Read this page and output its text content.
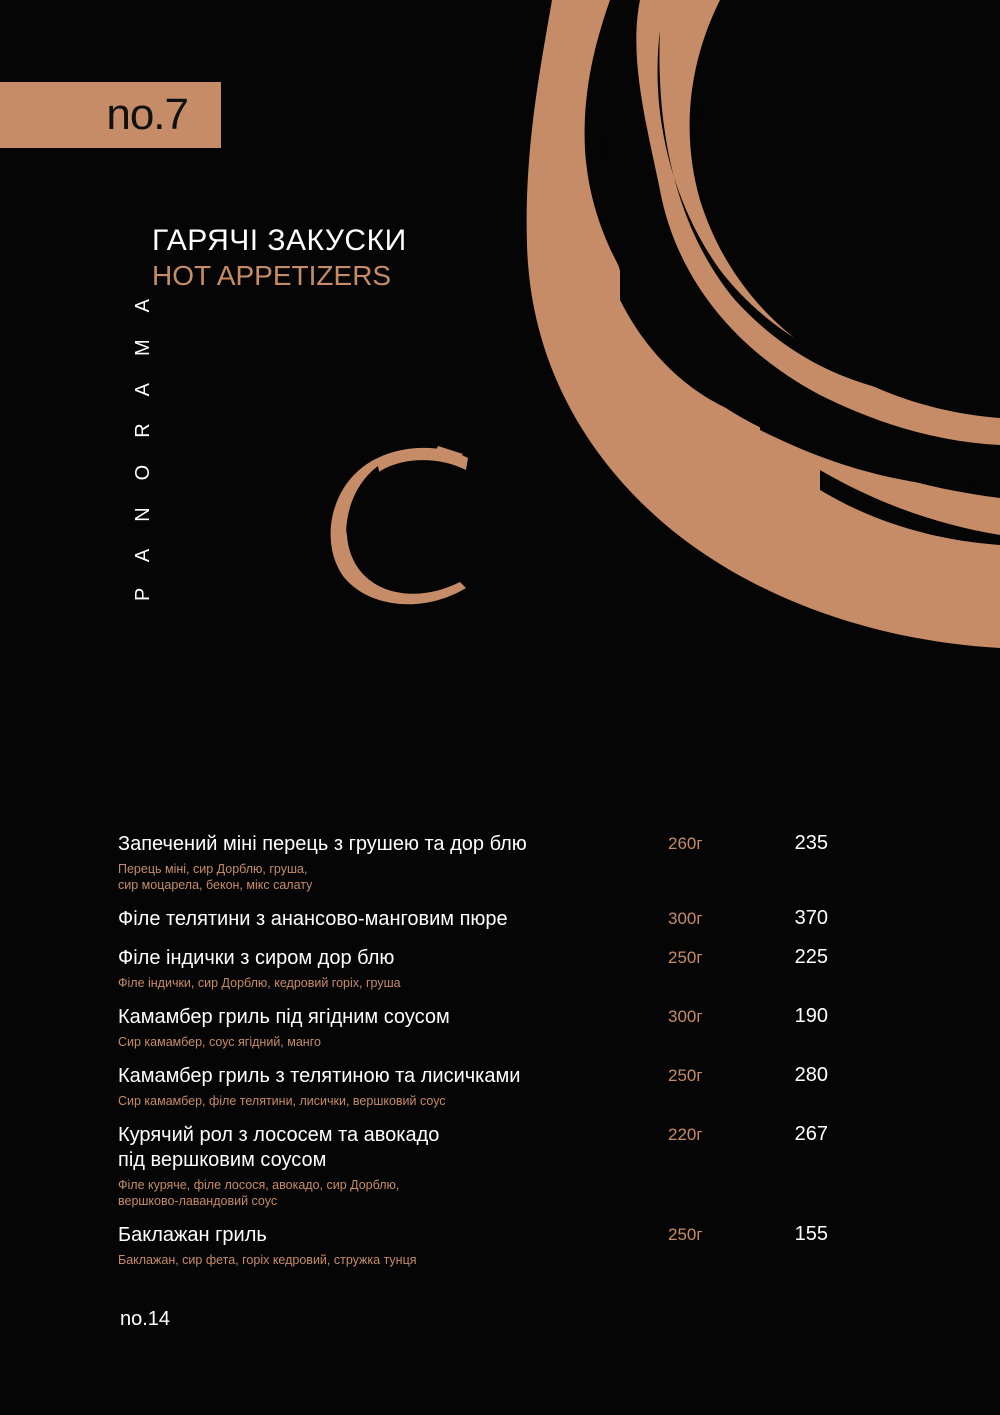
no.7
PANORAMA
ГАРЯЧІ ЗАКУСКИ
HOT APPETIZERS
Запечений міні перець з грушею та дор блю
Перець міні, сир Дорблю, груша,
сир моцарела, бекон, мікс салату
260г	235
Філе телятини з анансово-манговим пюре	300г	370
Філе індички з сиром дор блю
Філе індички, сир Дорблю, кедровий горіх, груша
250г	225
Камамбер гриль під ягідним соусом
Сир камамбер, соус ягідний, манго
300г	190
Камамбер гриль з телятиною та лисичками
Сир камамбер, філе телятини, лисички, вершковий соус
250г	280
Курячий рол з лососем та авокадо
під вершковим соусом
Філе куряче, філе лосося, авокадо, сир Дорблю,
вершково-лавандовий соус
220г	267
Баклажан гриль
Баклажан, сир фета, горіх кедровий, стружка тунця
250г	155
no.14
